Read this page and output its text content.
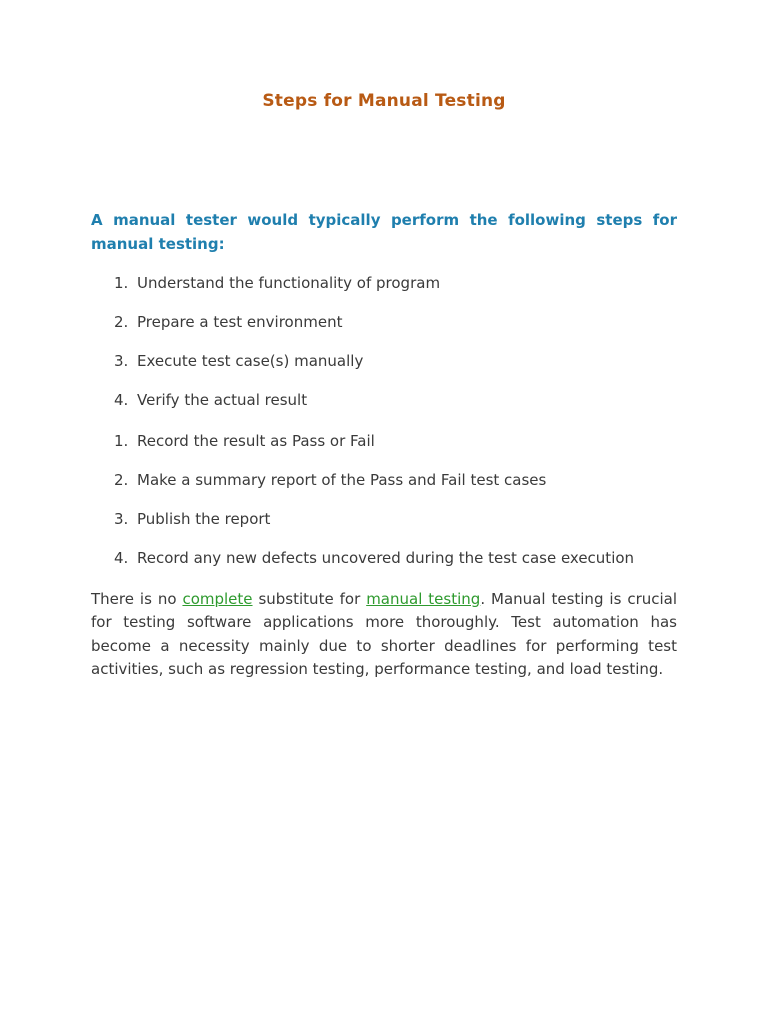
Steps for Manual Testing

A manual tester would typically perform the following steps for manual testing:

1. Understand the functionality of program
2. Prepare a test environment
3. Execute test case(s) manually
4. Verify the actual result
1. Record the result as Pass or Fail
2. Make a summary report of the Pass and Fail test cases
3. Publish the report
4. Record any new defects uncovered during the test case execution

There is no complete substitute for manual testing. Manual testing is crucial for testing software applications more thoroughly. Test automation has become a necessity mainly due to shorter deadlines for performing test activities, such as regression testing, performance testing, and load testing.
